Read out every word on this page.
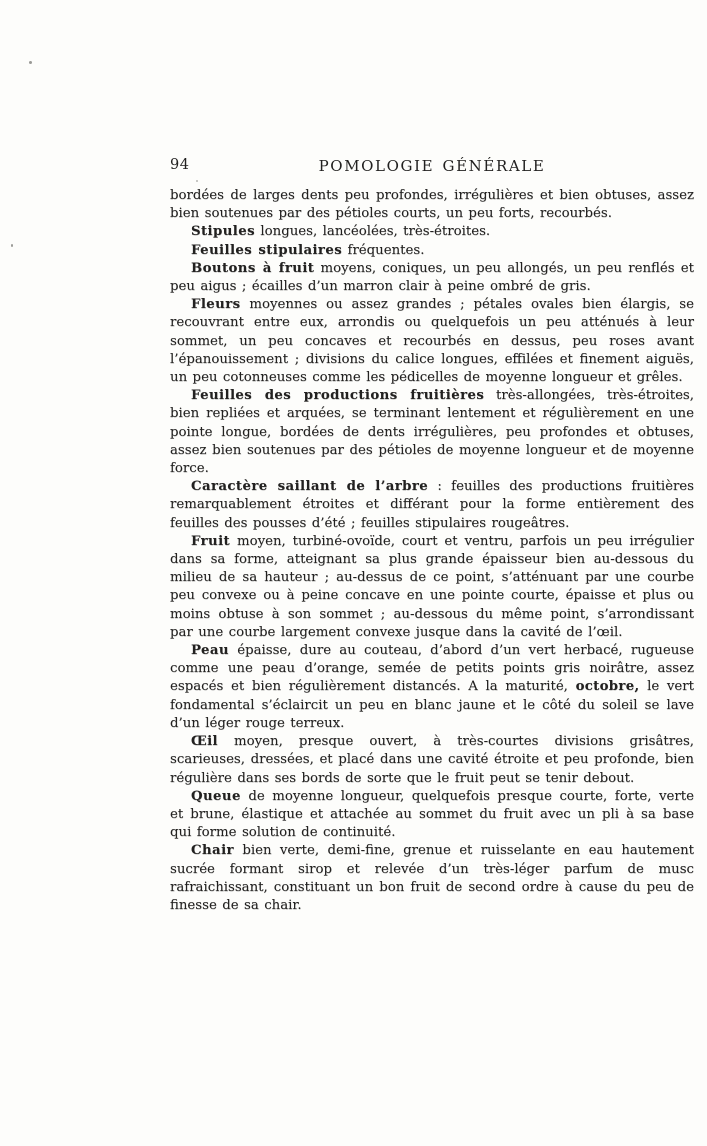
94	POMOLOGIE GÉNÉRALE

bordées de larges dents peu profondes, irrégulières et bien obtuses, assez bien soutenues par des pétioles courts, un peu forts, recourbés.

Stipules longues, lancéolées, très-étroites.

Feuilles stipulaires fréquentes.

Boutons à fruit moyens, coniques, un peu allongés, un peu renflés et peu aigus ; écailles d’un marron clair à peine ombré de gris.

Fleurs moyennes ou assez grandes ; pétales ovales bien élargis, se recouvrant entre eux, arrondis ou quelquefois un peu atténués à leur sommet, un peu concaves et recourbés en dessus, peu roses avant l’épanouissement ; divisions du calice longues, effilées et finement aiguës, un peu cotonneuses comme les pédicelles de moyenne longueur et grêles.

Feuilles des productions fruitières très-allongées, très-étroites, bien repliées et arquées, se terminant lentement et régulièrement en une pointe longue, bordées de dents irrégulières, peu profondes et obtuses, assez bien soutenues par des pétioles de moyenne longueur et de moyenne force.

Caractère saillant de l’arbre : feuilles des productions fruitières remarquablement étroites et différant pour la forme entièrement des feuilles des pousses d’été ; feuilles stipulaires rougeâtres.

Fruit moyen, turbiné-ovoïde, court et ventru, parfois un peu irrégulier dans sa forme, atteignant sa plus grande épaisseur bien au-dessous du milieu de sa hauteur ; au-dessus de ce point, s’atténuant par une courbe peu convexe ou à peine concave en une pointe courte, épaisse et plus ou moins obtuse à son sommet ; au-dessous du même point, s’arrondissant par une courbe largement convexe jusque dans la cavité de l’œil.

Peau épaisse, dure au couteau, d’abord d’un vert herbacé, rugueuse comme une peau d’orange, semée de petits points gris noirâtre, assez espacés et bien régulièrement distancés. A la maturité, octobre, le vert fondamental s’éclaircit un peu en blanc jaune et le côté du soleil se lave d’un léger rouge terreux.

Œil moyen, presque ouvert, à très-courtes divisions grisâtres, scarieuses, dressées, et placé dans une cavité étroite et peu profonde, bien régulière dans ses bords de sorte que le fruit peut se tenir debout.

Queue de moyenne longueur, quelquefois presque courte, forte, verte et brune, élastique et attachée au sommet du fruit avec un pli à sa base qui forme solution de continuité.

Chair bien verte, demi-fine, grenue et ruisselante en eau hautement sucrée formant sirop et relevée d’un très-léger parfum de musc rafraichissant, constituant un bon fruit de second ordre à cause du peu de finesse de sa chair.
